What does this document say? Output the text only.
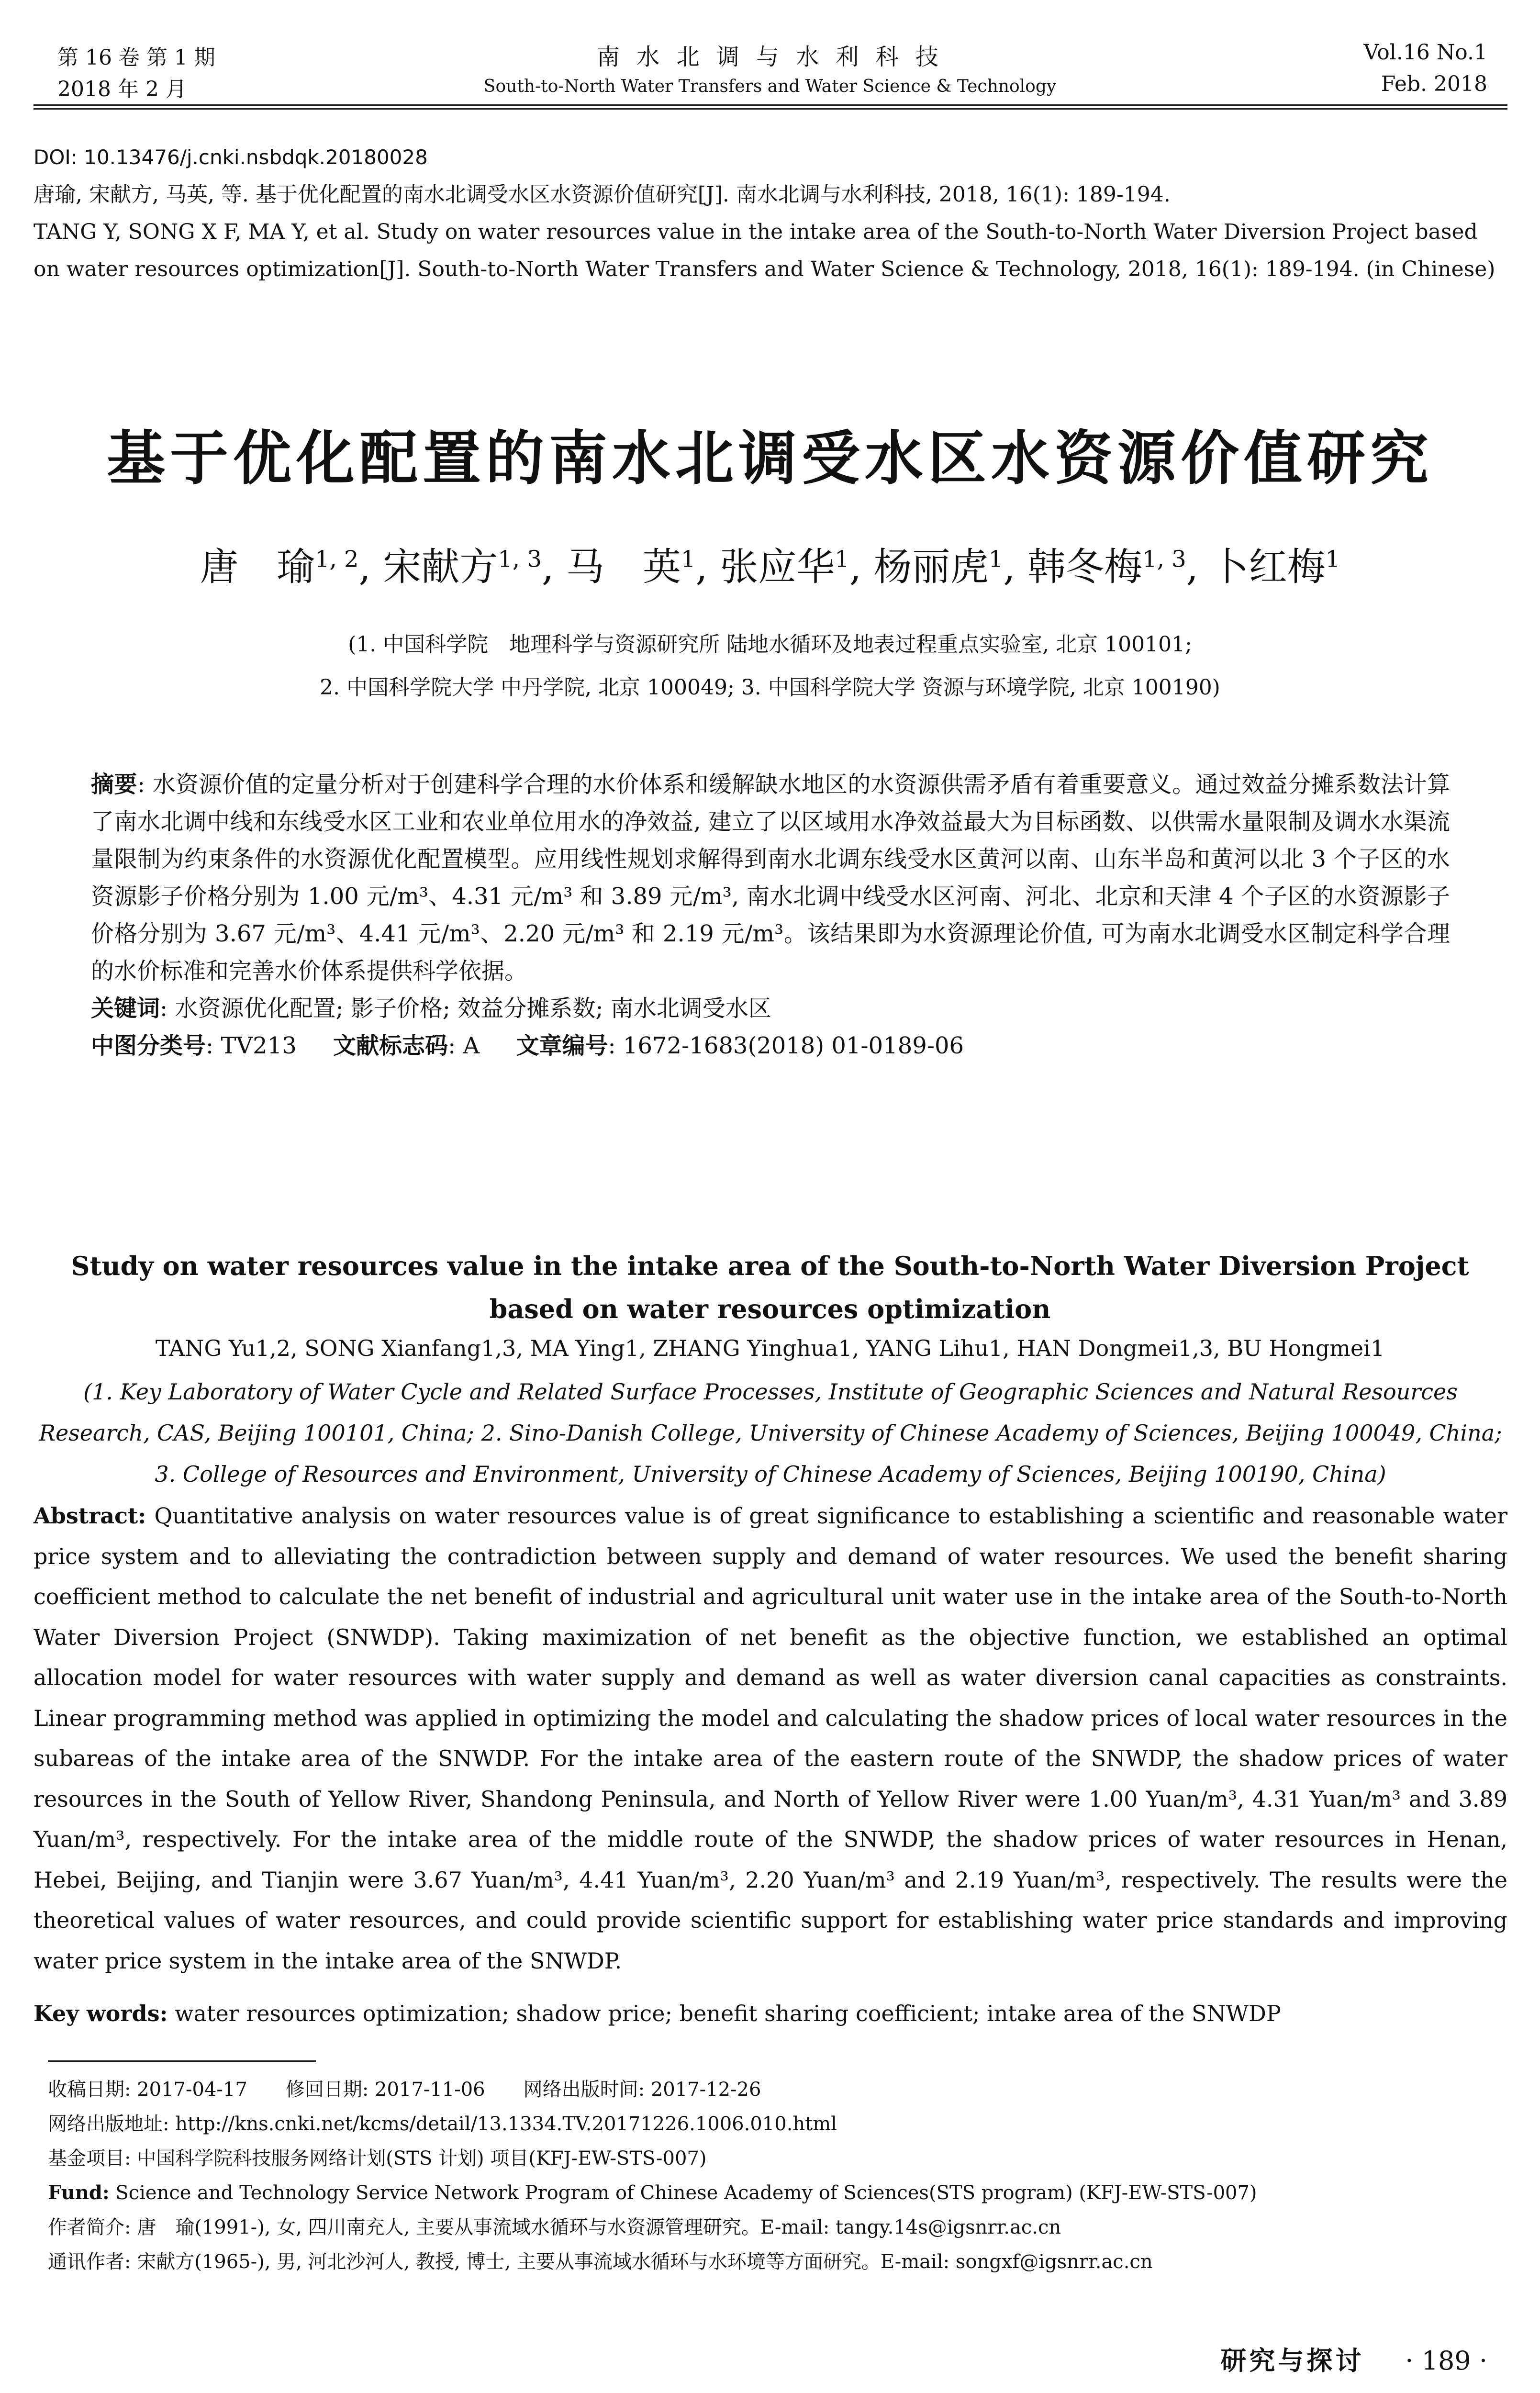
第 16 卷 第 1 期
2018 年 2 月
南 水 北 调 与 水 利 科 技
South-to-North Water Transfers and Water Science & Technology
Vol.16 No.1
Feb. 2018

DOI: 10.13476/j.cnki.nsbdqk.20180028

唐瑜, 宋献方, 马英, 等. 基于优化配置的南水北调受水区水资源价值研究[J]. 南水北调与水利科技, 2018, 16(1): 189-194.

TANG Y, SONG X F, MA Y, et al. Study on water resources value in the intake area of the South-to-North Water Diversion Project based on water resources optimization[J]. South-to-North Water Transfers and Water Science & Technology, 2018, 16(1): 189-194. (in Chinese)

基于优化配置的南水北调受水区水资源价值研究
唐　瑜$^{1, 2}$, 宋献方$^{1, 3}$, 马　英$^1$, 张应华$^1$, 杨丽虎$^1$, 韩冬梅$^{1, 3}$, 卜红梅$^1$
(1. 中国科学院　地理科学与资源研究所 陆地水循环及地表过程重点实验室, 北京 100101;
2. 中国科学院大学 中丹学院, 北京 100049; 3. 中国科学院大学 资源与环境学院, 北京 100190)

摘要: 水资源价值的定量分析对于创建科学合理的水价体系和缓解缺水地区的水资源供需矛盾有着重要意义。通过效益分摊系数法计算了南水北调中线和东线受水区工业和农业单位用水的净效益, 建立了以区域用水净效益最大为目标函数、以供需水量限制及调水水渠流量限制为约束条件的水资源优化配置模型。应用线性规划求解得到南水北调东线受水区黄河以南、山东半岛和黄河以北 3 个子区的水资源影子价格分别为 1.00 元/m³、4.31 元/m³ 和 3.89 元/m³, 南水北调中线受水区河南、河北、北京和天津 4 个子区的水资源影子价格分别为 3.67 元/m³、4.41 元/m³、2.20 元/m³ 和 2.19 元/m³。该结果即为水资源理论价值, 可为南水北调受水区制定科学合理的水价标准和完善水价体系提供科学依据。

关键词: 水资源优化配置; 影子价格; 效益分摊系数; 南水北调受水区

中图分类号: TV213 文献标志码: A 文章编号: 1672-1683(2018) 01-0189-06

Study on water resources value in the intake area of the South-to-North Water Diversion Project
based on water resources optimization
TANG Yu1,2, SONG Xianfang1,3, MA Ying1, ZHANG Yinghua1, YANG Lihu1, HAN Dongmei1,3, BU Hongmei1
(1. Key Laboratory of Water Cycle and Related Surface Processes, Institute of Geographic Sciences and Natural Resources Research, CAS, Beijing 100101, China; 2. Sino-Danish College, University of Chinese Academy of Sciences, Beijing 100049, China; 3. College of Resources and Environment, University of Chinese Academy of Sciences, Beijing 100190, China)

Abstract: Quantitative analysis on water resources value is of great significance to establishing a scientific and reasonable water price system and to alleviating the contradiction between supply and demand of water resources. We used the benefit sharing coefficient method to calculate the net benefit of industrial and agricultural unit water use in the intake area of the South-to-North Water Diversion Project (SNWDP). Taking maximization of net benefit as the objective function, we established an optimal allocation model for water resources with water supply and demand as well as water diversion canal capacities as constraints. Linear programming method was applied in optimizing the model and calculating the shadow prices of local water resources in the subareas of the intake area of the SNWDP. For the intake area of the eastern route of the SNWDP, the shadow prices of water resources in the South of Yellow River, Shandong Peninsula, and North of Yellow River were 1.00 Yuan/m³, 4.31 Yuan/m³ and 3.89 Yuan/m³, respectively. For the intake area of the middle route of the SNWDP, the shadow prices of water resources in Henan, Hebei, Beijing, and Tianjin were 3.67 Yuan/m³, 4.41 Yuan/m³, 2.20 Yuan/m³ and 2.19 Yuan/m³, respectively. The results were the theoretical values of water resources, and could provide scientific support for establishing water price standards and improving water price system in the intake area of the SNWDP.

Key words: water resources optimization; shadow price; benefit sharing coefficient; intake area of the SNWDP

收稿日期: 2017-04-17　　修回日期: 2017-11-06　　网络出版时间: 2017-12-26

网络出版地址: http://kns.cnki.net/kcms/detail/13.1334.TV.20171226.1006.010.html

基金项目: 中国科学院科技服务网络计划(STS 计划) 项目(KFJ-EW-STS-007)

Fund: Science and Technology Service Network Program of Chinese Academy of Sciences(STS program) (KFJ-EW-STS-007)

作者简介: 唐　瑜(1991-), 女, 四川南充人, 主要从事流域水循环与水资源管理研究。E-mail: tangy.14s@igsnrr.ac.cn

通讯作者: 宋献方(1965-), 男, 河北沙河人, 教授, 博士, 主要从事流域水循环与水环境等方面研究。E-mail: songxf@igsnrr.ac.cn

研究与探讨 · 189 ·
